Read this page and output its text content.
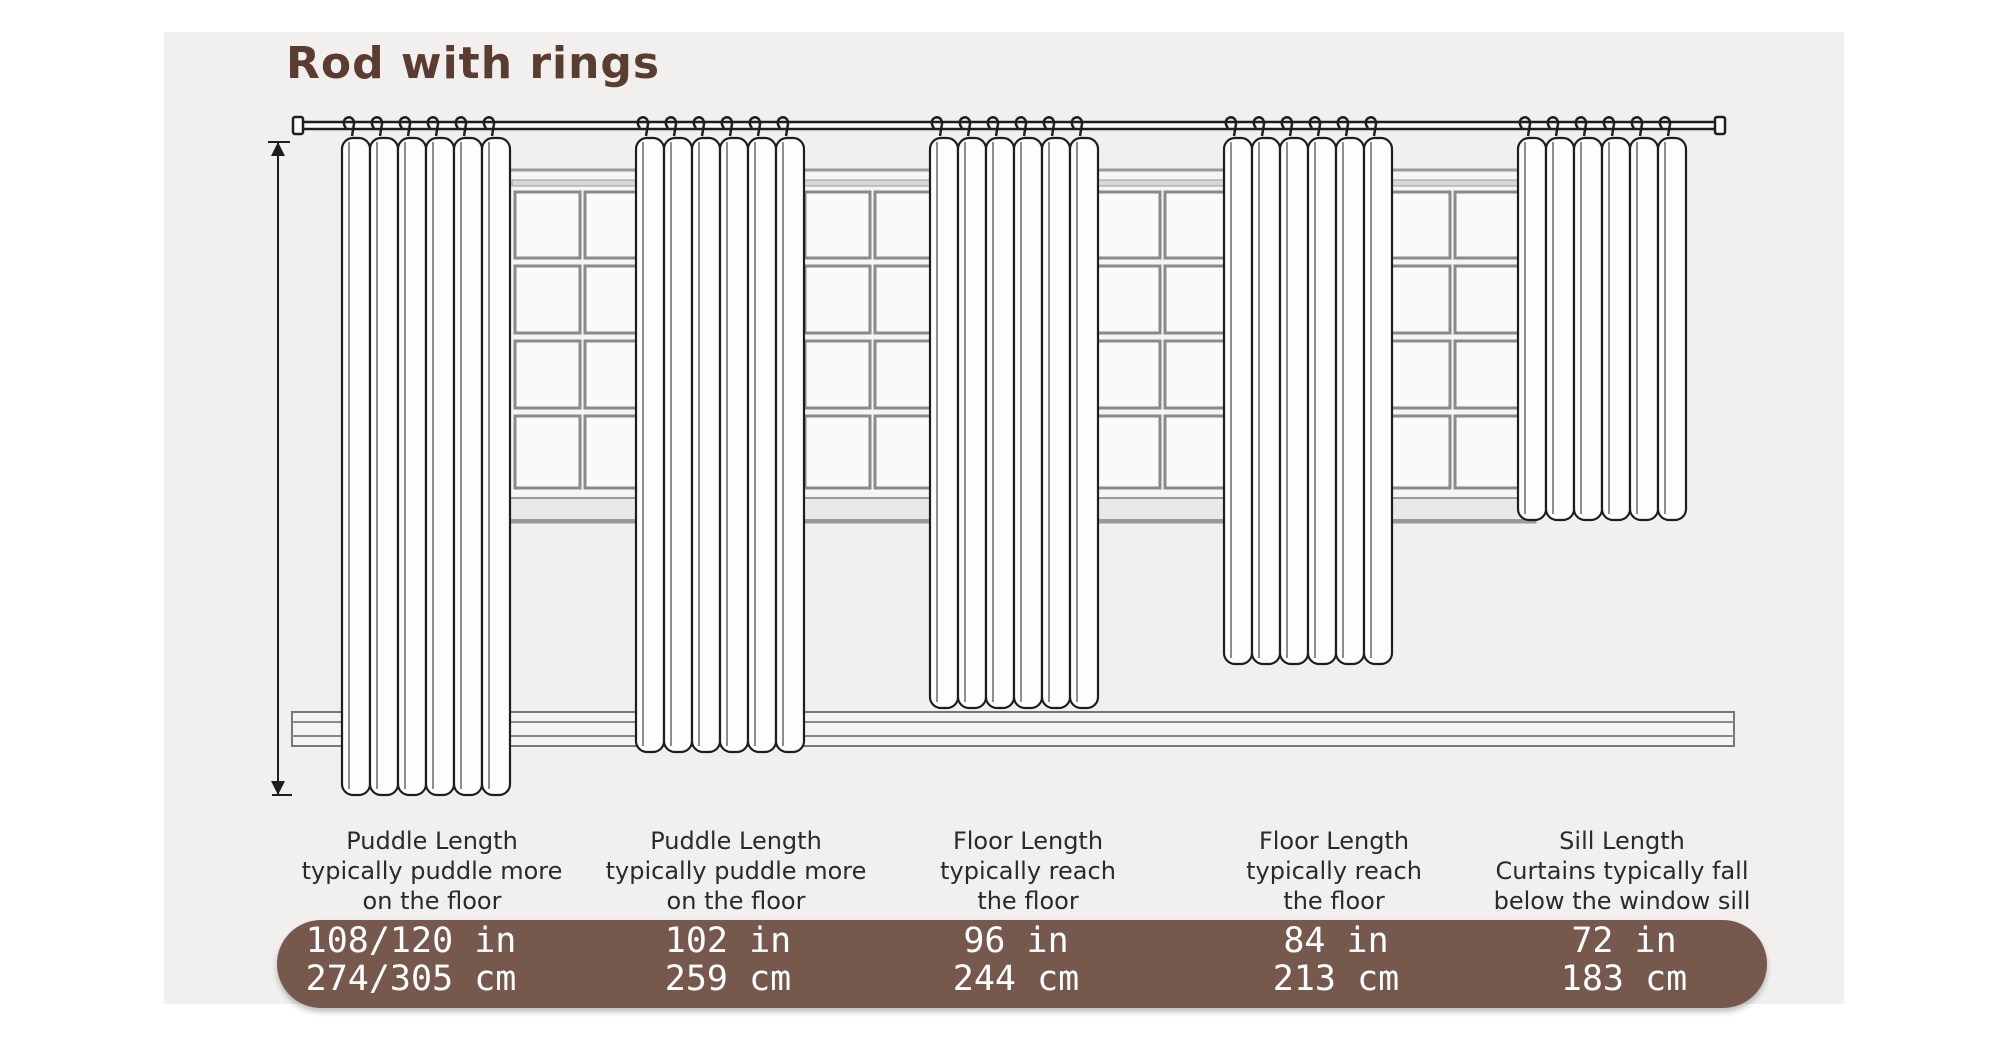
Rod with rings
Puddle Length
typically puddle more
on the floor
Puddle Length
typically puddle more
on the floor
Floor Length
typically reach
the floor
Floor Length
typically reach
the floor
Sill Length
Curtains typically fall
below the window sill
108/120 in
274/305 cm
102 in
259 cm
96 in
244 cm
84 in
213 cm
72 in
183 cm
